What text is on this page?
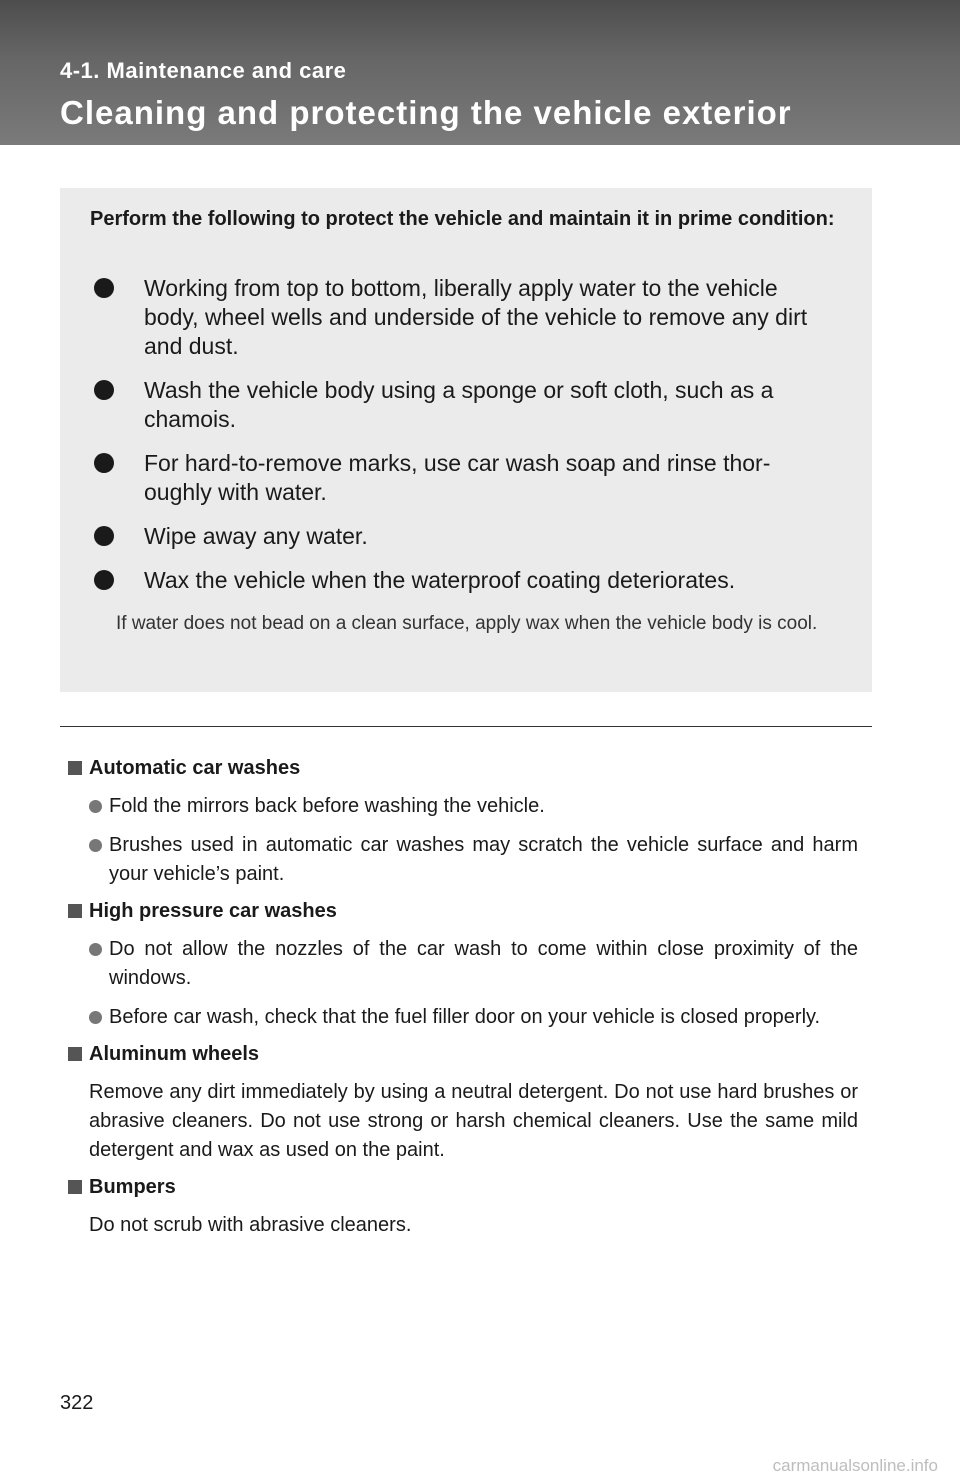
4-1. Maintenance and care
Cleaning and protecting the vehicle exterior
Perform the following to protect the vehicle and maintain it in prime condition:
Working from top to bottom, liberally apply water to the vehicle body, wheel wells and underside of the vehicle to remove any dirt and dust.
Wash the vehicle body using a sponge or soft cloth, such as a chamois.
For hard-to-remove marks, use car wash soap and rinse thor-oughly with water.
Wipe away any water.
Wax the vehicle when the waterproof coating deteriorates.
If water does not bead on a clean surface, apply wax when the vehicle body is cool.
Automatic car washes
Fold the mirrors back before washing the vehicle.
Brushes used in automatic car washes may scratch the vehicle surface and harm your vehicle’s paint.
High pressure car washes
Do not allow the nozzles of the car wash to come within close proximity of the windows.
Before car wash, check that the fuel filler door on your vehicle is closed properly.
Aluminum wheels
Remove any dirt immediately by using a neutral detergent. Do not use hard brushes or abrasive cleaners. Do not use strong or harsh chemical cleaners. Use the same mild detergent and wax as used on the paint.
Bumpers
Do not scrub with abrasive cleaners.
322
carmanualsonline.info
